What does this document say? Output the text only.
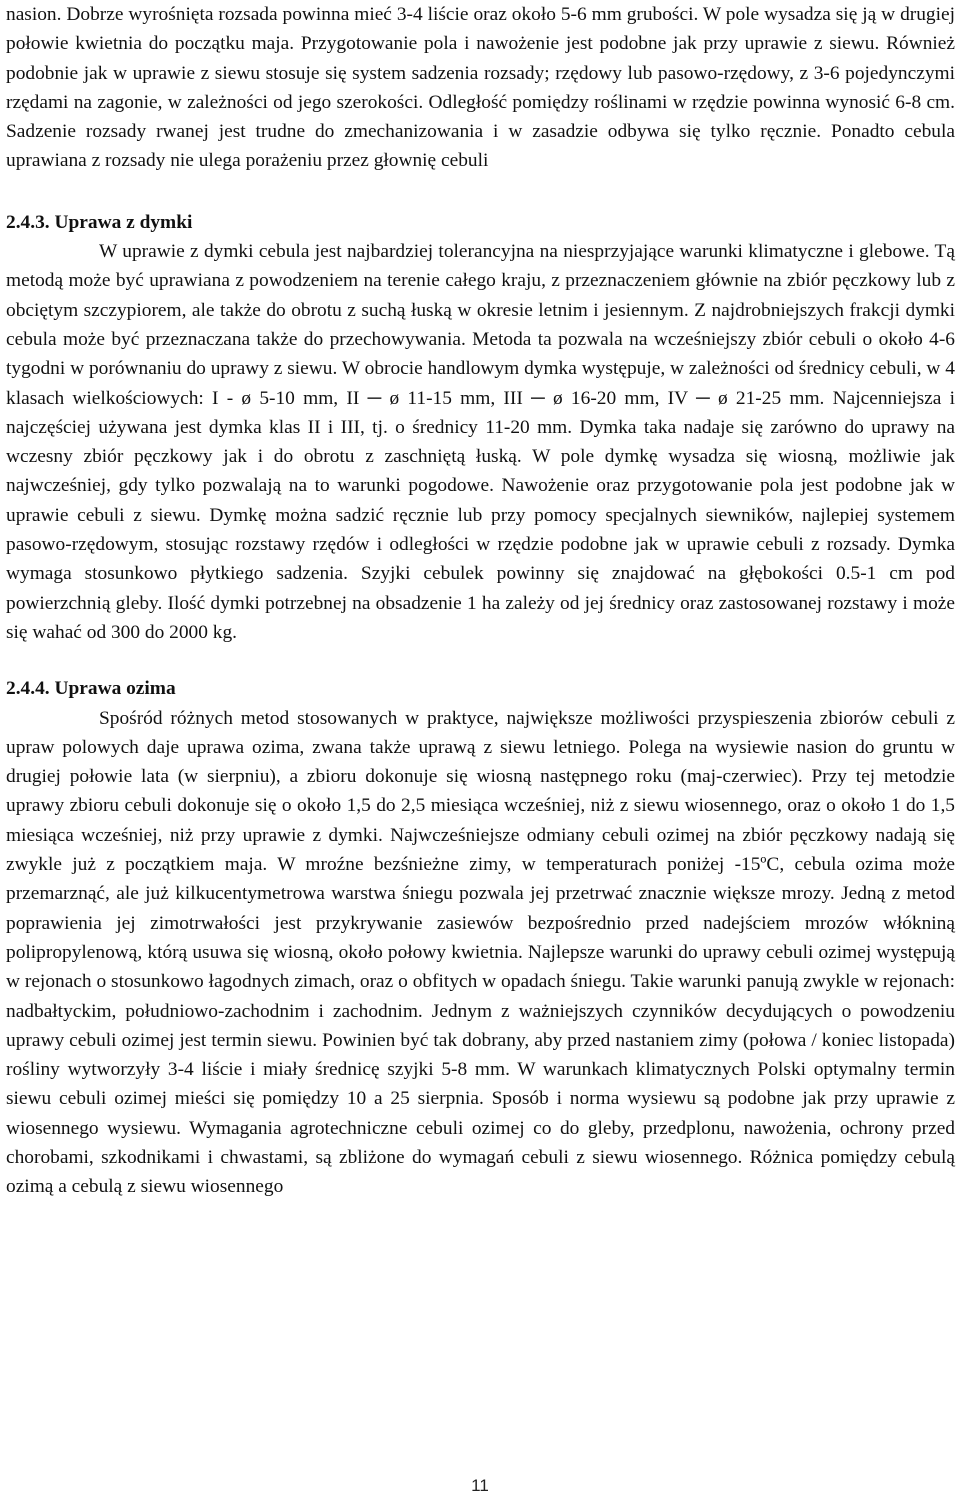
nasion. Dobrze wyrośnięta rozsada powinna mieć 3-4 liście oraz około 5-6 mm grubości. W pole wysadza się ją w drugiej połowie kwietnia do początku maja. Przygotowanie pola i nawożenie jest podobne jak przy uprawie z siewu. Również podobnie jak w uprawie z siewu stosuje się system sadzenia rozsady; rzędowy lub pasowo-rzędowy, z 3-6 pojedynczymi rzędami na zagonie, w zależności od jego szerokości. Odległość pomiędzy roślinami w rzędzie powinna wynosić 6-8 cm. Sadzenie rozsady rwanej jest trudne do zmechanizowania i w zasadzie odbywa się tylko ręcznie. Ponadto cebula uprawiana z rozsady nie ulega porażeniu przez głownię cebuli

2.4.3. Uprawa z dymki

W uprawie z dymki cebula jest najbardziej tolerancyjna na niesprzyjające warunki klimatyczne i glebowe. Tą metodą może być uprawiana z powodzeniem na terenie całego kraju, z przeznaczeniem głównie na zbiór pęczkowy lub z obciętym szczypiorem, ale także do obrotu z suchą łuską w okresie letnim i jesiennym. Z najdrobniejszych frakcji dymki cebula może być przeznaczana także do przechowywania. Metoda ta pozwala na wcześniejszy zbiór cebuli o około 4-6 tygodni w porównaniu do uprawy z siewu. W obrocie handlowym dymka występuje, w zależności od średnicy cebuli, w 4 klasach wielkościowych: I - ø 5-10 mm, II ─ ø 11-15 mm, III ─ ø 16-20 mm, IV ─ ø 21-25 mm. Najcenniejsza i najczęściej używana jest dymka klas II i III, tj. o średnicy 11-20 mm. Dymka taka nadaje się zarówno do uprawy na wczesny zbiór pęczkowy jak i do obrotu z zaschniętą łuską. W pole dymkę wysadza się wiosną, możliwie jak najwcześniej, gdy tylko pozwalają na to warunki pogodowe. Nawożenie oraz przygotowanie pola jest podobne jak w uprawie cebuli z siewu. Dymkę można sadzić ręcznie lub przy pomocy specjalnych siewników, najlepiej systemem pasowo-rzędowym, stosując rozstawy rzędów i odległości w rzędzie podobne jak w uprawie cebuli z rozsady. Dymka wymaga stosunkowo płytkiego sadzenia. Szyjki cebulek powinny się znajdować na głębokości 0.5-1 cm pod powierzchnią gleby. Ilość dymki potrzebnej na obsadzenie 1 ha zależy od jej średnicy oraz zastosowanej rozstawy i może się wahać od 300 do 2000 kg.

2.4.4. Uprawa ozima

Spośród różnych metod stosowanych w praktyce, największe możliwości przyspieszenia zbiorów cebuli z upraw polowych daje uprawa ozima, zwana także uprawą z siewu letniego. Polega na wysiewie nasion do gruntu w drugiej połowie lata (w sierpniu), a zbioru dokonuje się wiosną następnego roku (maj-czerwiec). Przy tej metodzie uprawy zbioru cebuli dokonuje się o około 1,5 do 2,5 miesiąca wcześniej, niż z siewu wiosennego, oraz o około 1 do 1,5 miesiąca wcześniej, niż przy uprawie z dymki. Najwcześniejsze odmiany cebuli ozimej na zbiór pęczkowy nadają się zwykle już z początkiem maja. W mroźne bezśnieżne zimy, w temperaturach poniżej -15ºC, cebula ozima może przemarznąć, ale już kilkucentymetrowa warstwa śniegu pozwala jej przetrwać znacznie większe mrozy. Jedną z metod poprawienia jej zimotrwałości jest przykrywanie zasiewów bezpośrednio przed nadejściem mrozów włókniną polipropylenową, którą usuwa się wiosną, około połowy kwietnia. Najlepsze warunki do uprawy cebuli ozimej występują w rejonach o stosunkowo łagodnych zimach, oraz o obfitych w opadach śniegu. Takie warunki panują zwykle w rejonach: nadbałtyckim, południowo-zachodnim i zachodnim. Jednym z ważniejszych czynników decydujących o powodzeniu uprawy cebuli ozimej jest termin siewu. Powinien być tak dobrany, aby przed nastaniem zimy (połowa / koniec listopada) rośliny wytworzyły 3-4 liście i miały średnicę szyjki 5-8 mm. W warunkach klimatycznych Polski optymalny termin siewu cebuli ozimej mieści się pomiędzy 10 a 25 sierpnia. Sposób i norma wysiewu są podobne jak przy uprawie z wiosennego wysiewu. Wymagania agrotechniczne cebuli ozimej co do gleby, przedplonu, nawożenia, ochrony przed chorobami, szkodnikami i chwastami, są zbliżone do wymagań cebuli z siewu wiosennego. Różnica pomiędzy cebulą ozimą a cebulą z siewu wiosennego

11
